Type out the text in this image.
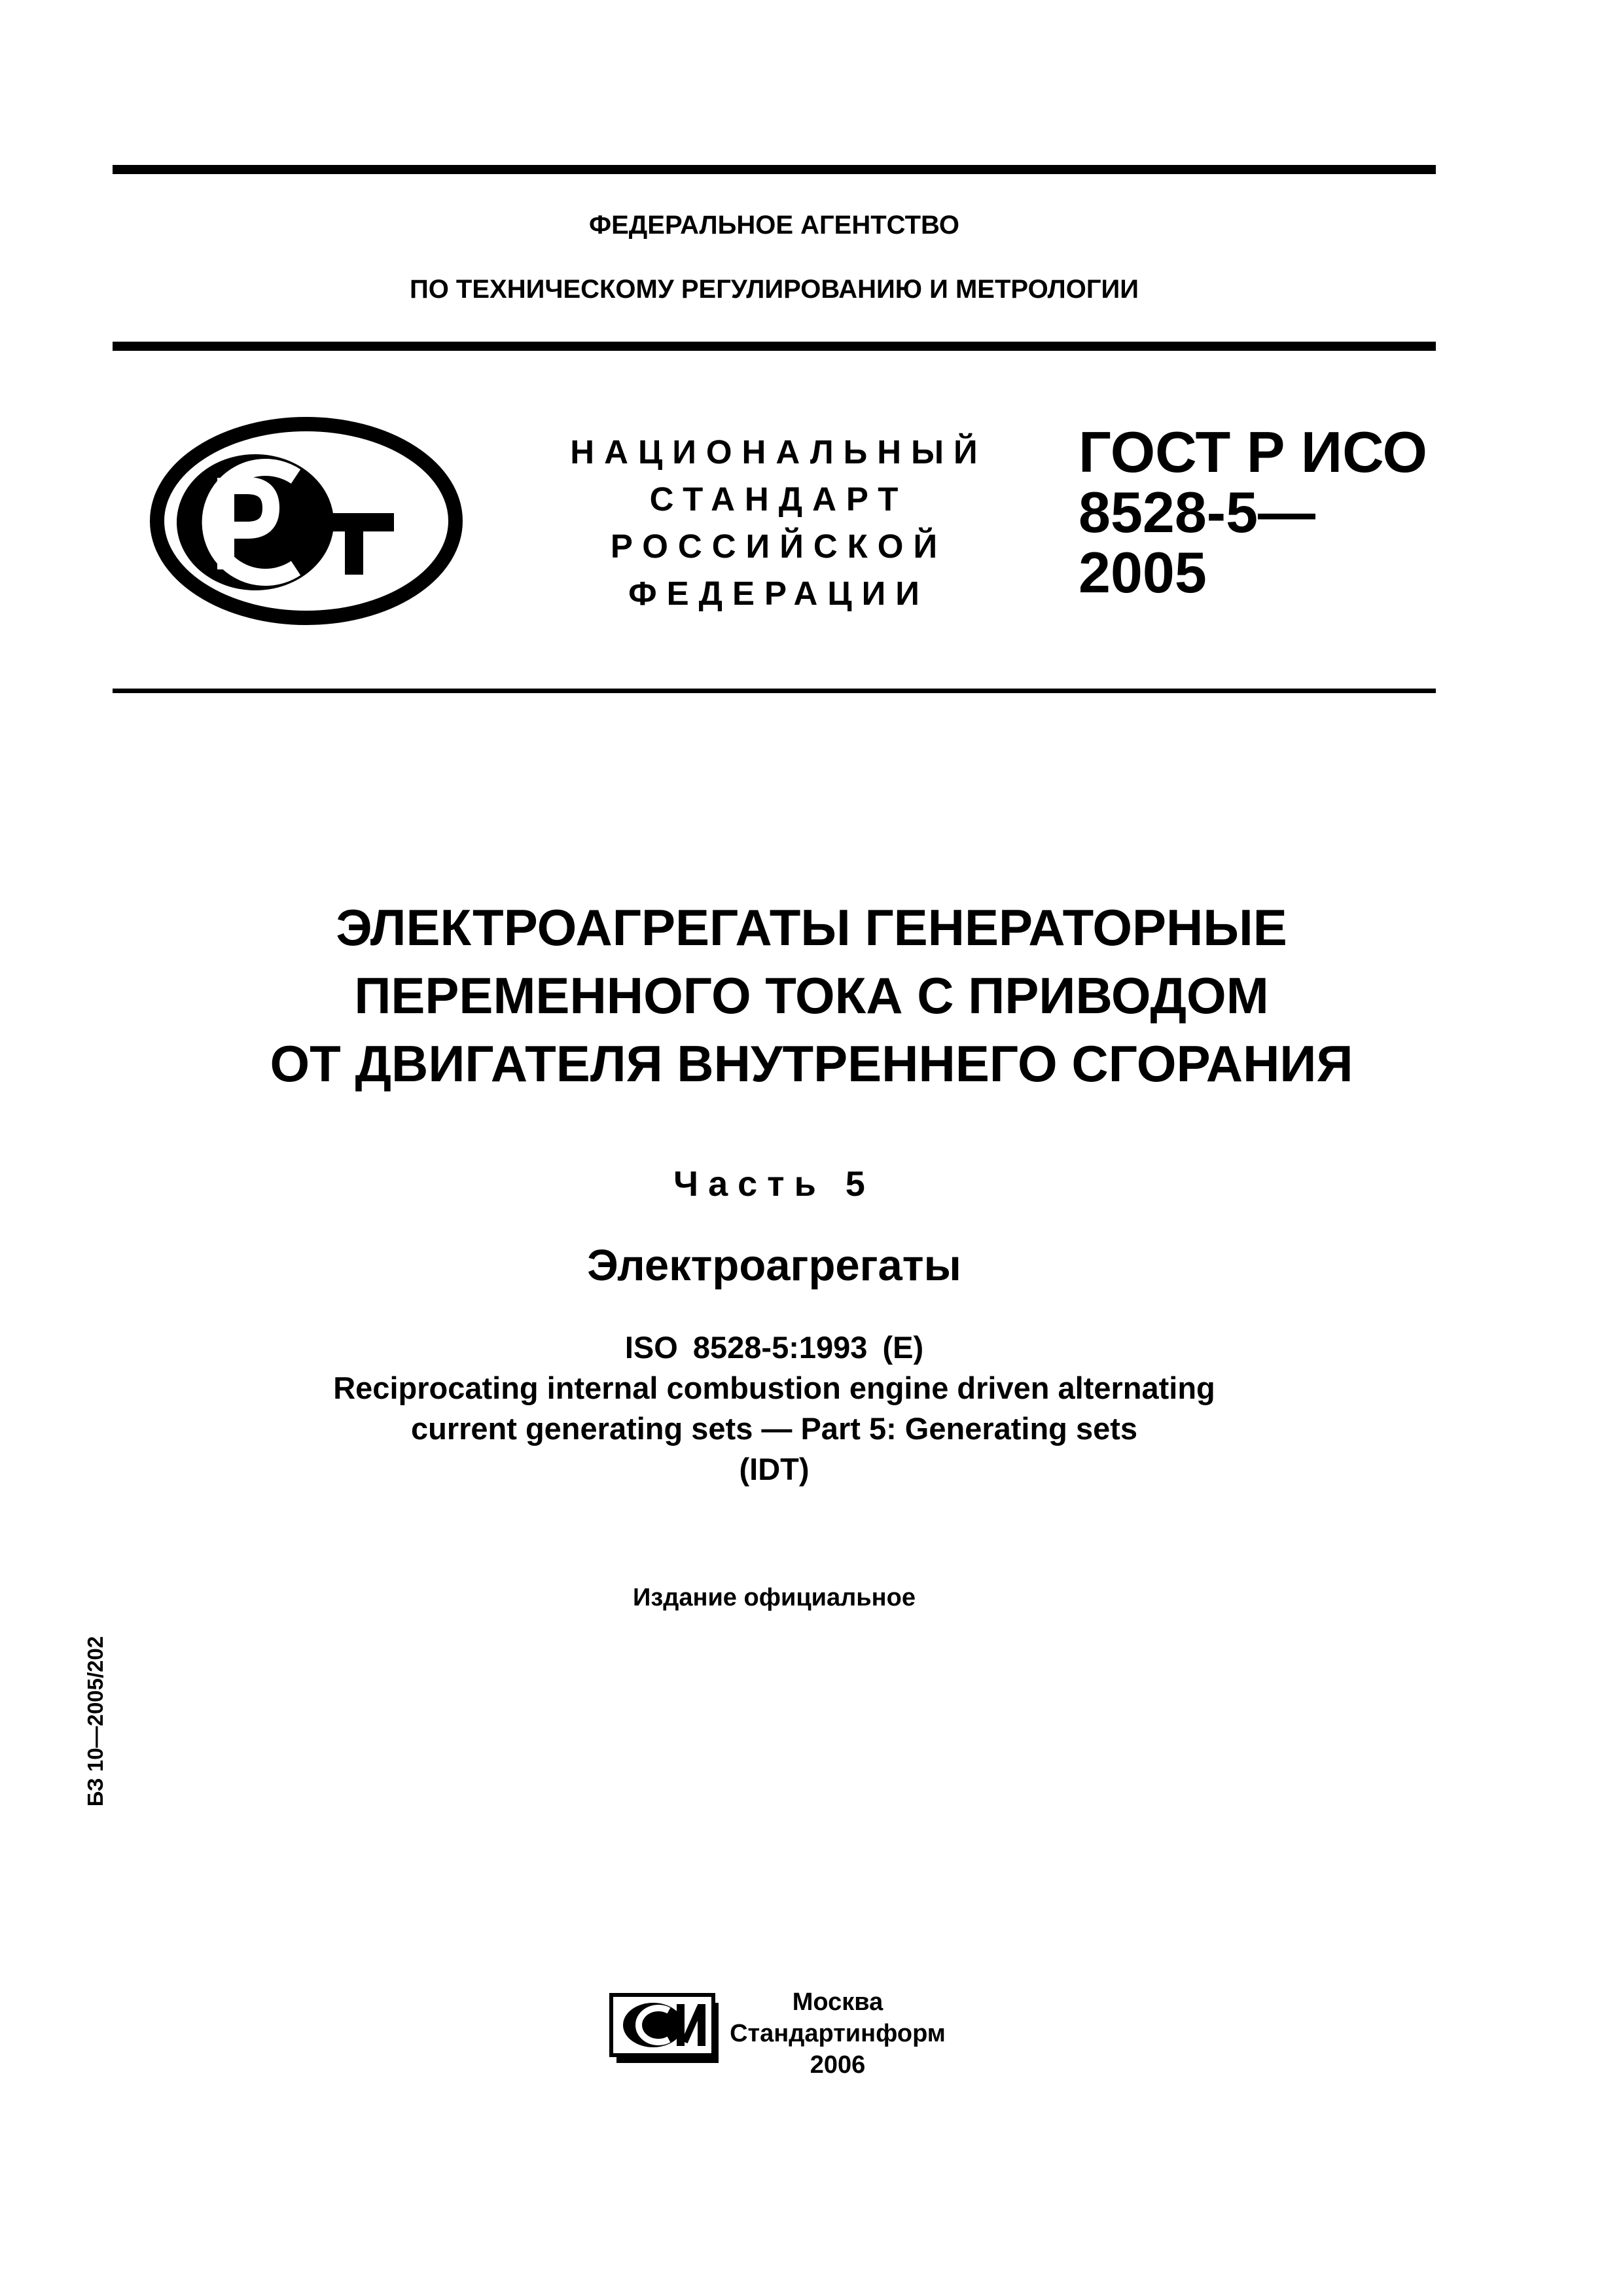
ФЕДЕРАЛЬНОЕ АГЕНТСТВО
ПО ТЕХНИЧЕСКОМУ РЕГУЛИРОВАНИЮ И МЕТРОЛОГИИ
НАЦИОНАЛЬНЫЙ
СТАНДАРТ
РОССИЙСКОЙ
ФЕДЕРАЦИИ
ГОСТ Р ИСО
8528-5—
2005
ЭЛЕКТРОАГРЕГАТЫ ГЕНЕРАТОРНЫЕ
ПЕРЕМЕННОГО ТОКА С ПРИВОДОМ
ОТ ДВИГАТЕЛЯ ВНУТРЕННЕГО СГОРАНИЯ
Часть 5
Электроагрегаты
ISO 8528-5:1993 (E)
Reciprocating internal combustion engine driven alternating
current generating sets — Part 5: Generating sets
(IDT)
Издание официальное
БЗ 10—2005/202
Москва
Стандартинформ
2006
